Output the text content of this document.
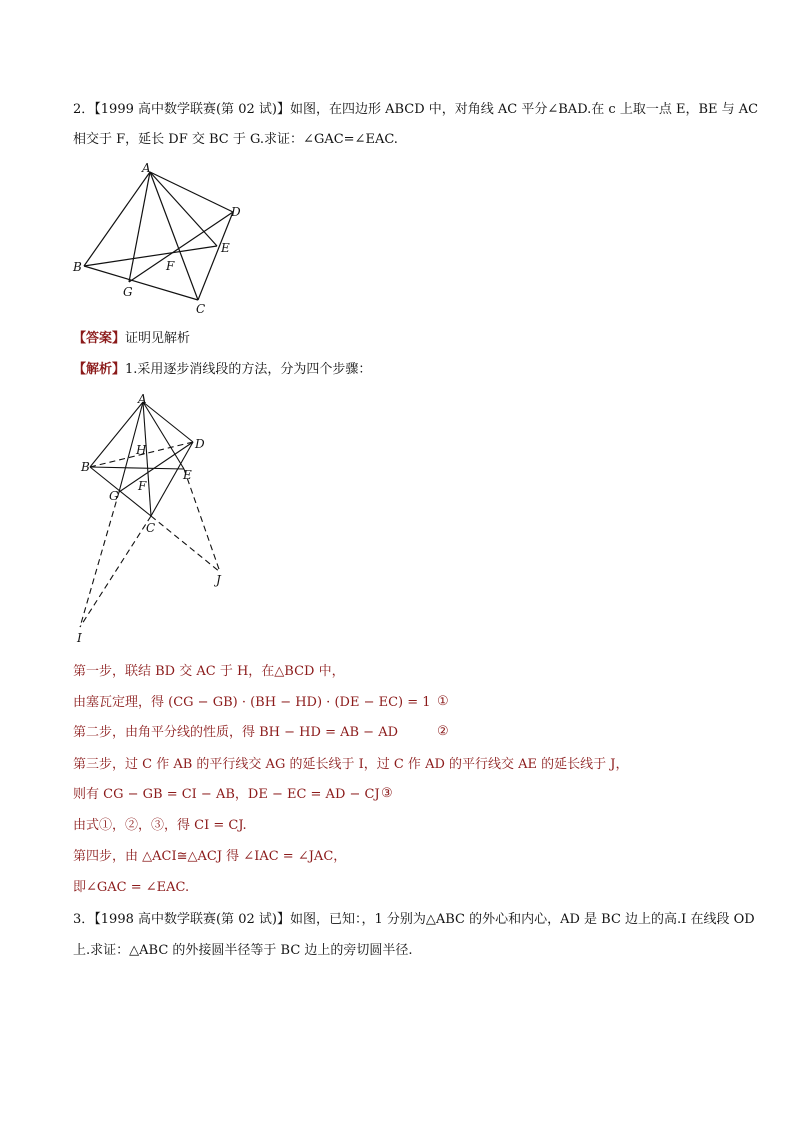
2．【1999 高中数学联赛(第 02 试)】如图，在四边形 ABCD 中，对角线 AC 平分∠BAD.在 c 上取一点 E，BE 与 AC
相交于 F，延长 DF 交 BC 于 G.求证：∠GAC=∠EAC.
A
B
C
D
E
F
G
【答案】证明见解析
【解析】1.采用逐步消线段的方法，分为四个步骤：
A
B
C
D
E
F
G
H
I
J
第一步，联结 BD 交 AC 于 H，在△BCD 中，
由塞瓦定理，得 (CG − GB) · (BH − HD) · (DE − EC) = 1 ①
第二步，由角平分线的性质，得 BH − HD = AB − AD	②
第三步，过 C 作 AB 的平行线交 AG 的延长线于 I，过 C 作 AD 的平行线交 AE 的延长线于 J，
则有 CG − GB = CI − AB，DE − EC = AD − CJ ③
由式①，②，③，得 CI = CJ.
第四步，由 △ACI≅△ACJ 得 ∠IAC = ∠JAC，
即∠GAC = ∠EAC.
3．【1998 高中数学联赛(第 02 试)】如图，已知：，1 分别为△ABC 的外心和内心，AD 是 BC 边上的高.I 在线段 OD
上.求证：△ABC 的外接圆半径等于 BC 边上的旁切圆半径.
